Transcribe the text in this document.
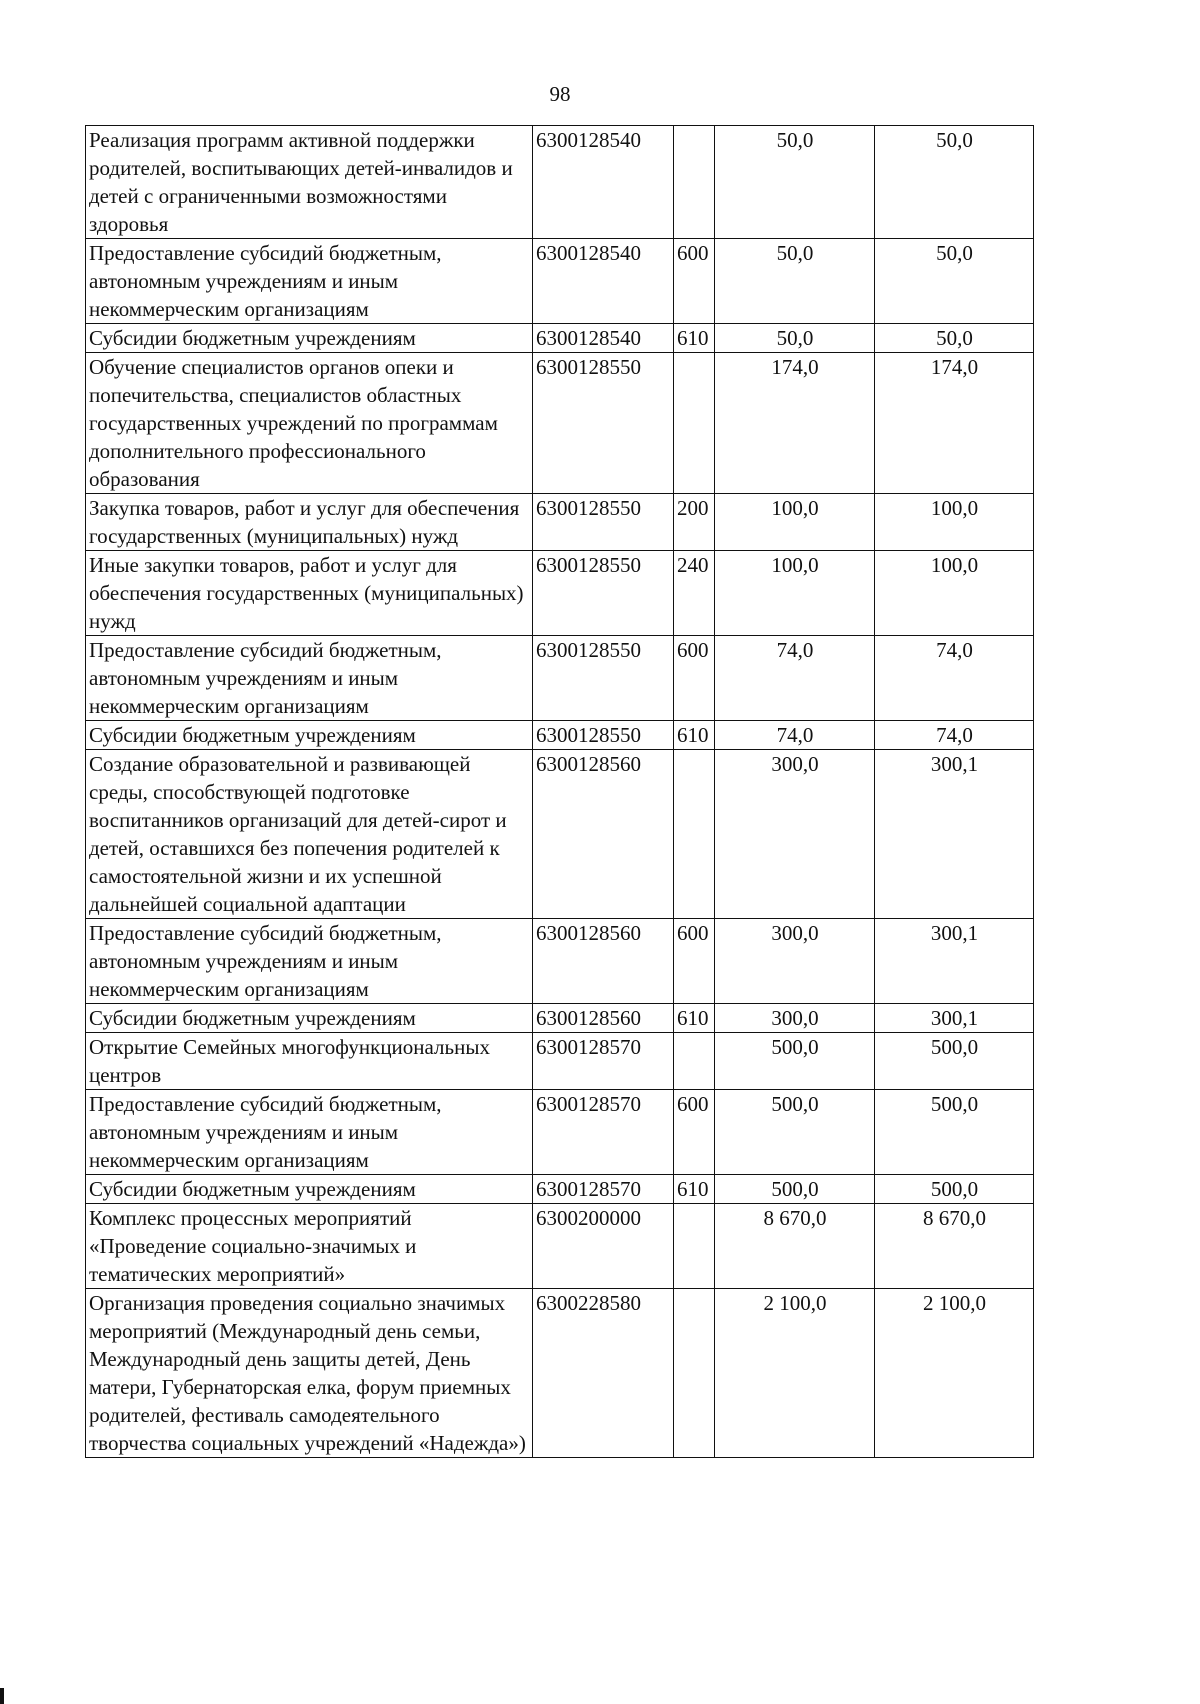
98
Реализация программ активной поддержки родителей, воспитывающих детей-инвалидов и детей с ограниченными возможностями здоровья	6300128540		50,0	50,0
Предоставление субсидий бюджетным, автономным учреждениям и иным некоммерческим организациям	6300128540	600	50,0	50,0
Субсидии бюджетным учреждениям	6300128540	610	50,0	50,0
Обучение специалистов органов опеки и попечительства, специалистов областных государственных учреждений по программам дополнительного профессионального образования	6300128550		174,0	174,0
Закупка товаров, работ и услуг для обеспечения государственных (муниципальных) нужд	6300128550	200	100,0	100,0
Иные закупки товаров, работ и услуг для обеспечения государственных (муниципальных) нужд	6300128550	240	100,0	100,0
Предоставление субсидий бюджетным, автономным учреждениям и иным некоммерческим организациям	6300128550	600	74,0	74,0
Субсидии бюджетным учреждениям	6300128550	610	74,0	74,0
Создание образовательной и развивающей среды, способствующей подготовке воспитанников организаций для детей-сирот и детей, оставшихся без попечения родителей к самостоятельной жизни и их успешной дальнейшей социальной адаптации	6300128560		300,0	300,1
Предоставление субсидий бюджетным, автономным учреждениям и иным некоммерческим организациям	6300128560	600	300,0	300,1
Субсидии бюджетным учреждениям	6300128560	610	300,0	300,1
Открытие Семейных многофункциональных центров	6300128570		500,0	500,0
Предоставление субсидий бюджетным, автономным учреждениям и иным некоммерческим организациям	6300128570	600	500,0	500,0
Субсидии бюджетным учреждениям	6300128570	610	500,0	500,0
Комплекс процессных мероприятий «Проведение социально-значимых и тематических мероприятий»	6300200000		8 670,0	8 670,0
Организация проведения социально значимых мероприятий (Международный день семьи, Международный день защиты детей, День матери, Губернаторская елка, форум приемных родителей, фестиваль самодеятельного творчества социальных учреждений «Надежда»)	6300228580		2 100,0	2 100,0
